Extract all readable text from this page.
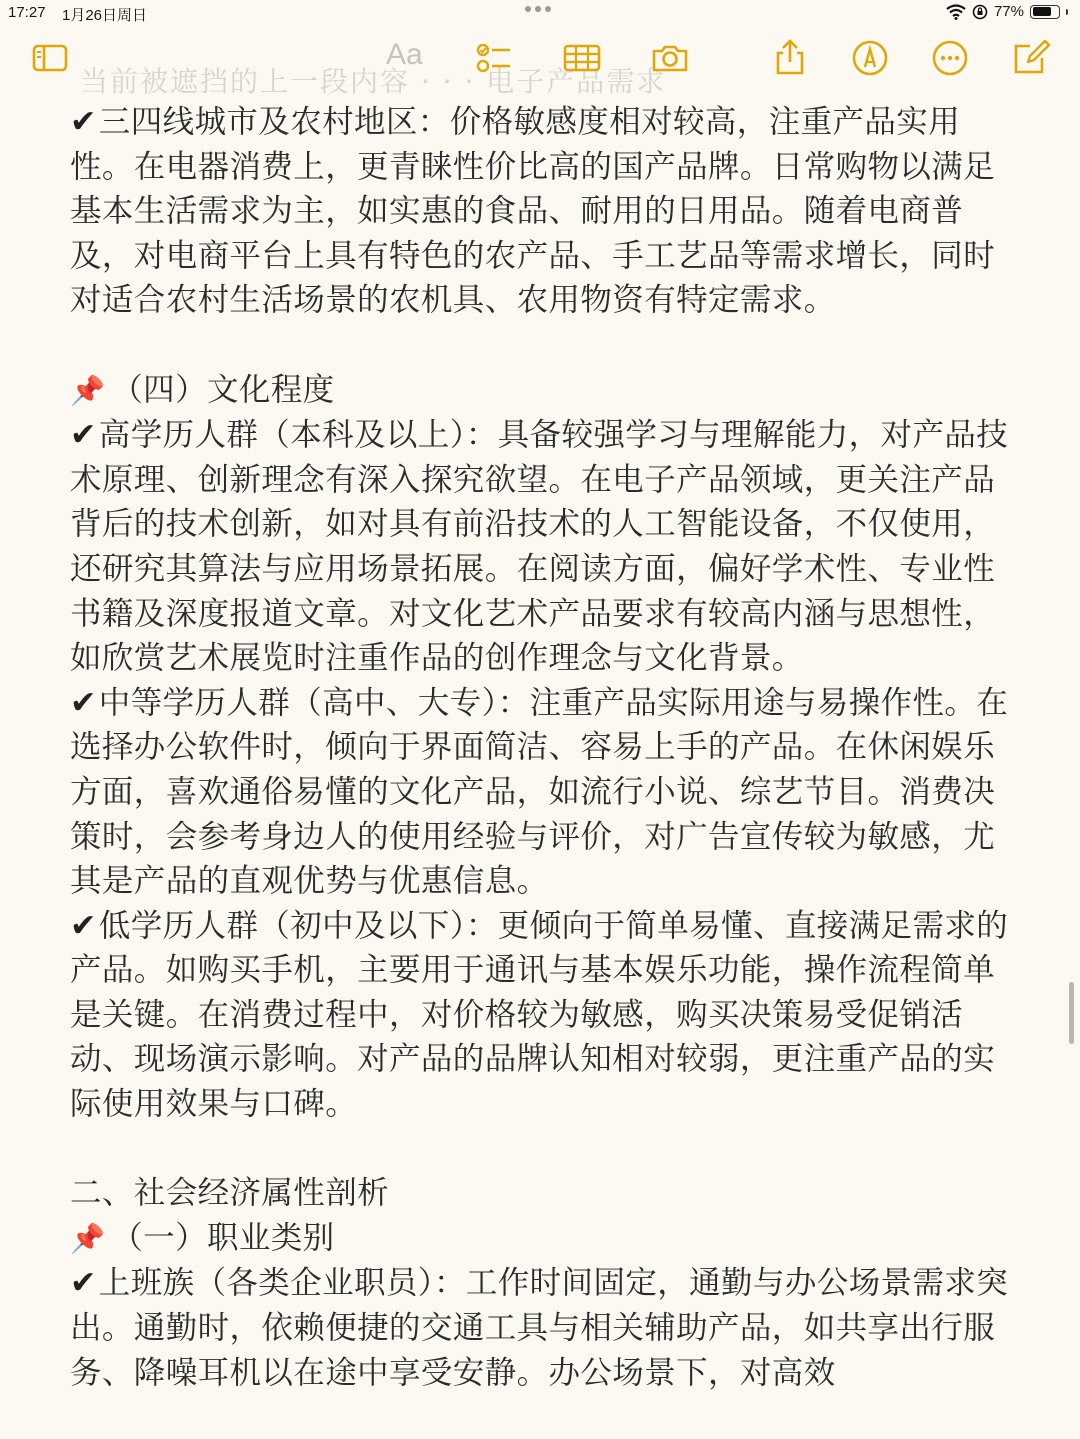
17:27 1月26日周日	77%
当前被遮挡的上一段内容 · · · 电子产品需求
Aa

✔三四线城市及农村地区：价格敏感度相对较高，注重产品实用性。在电器消费上，更青睐性价比高的国产品牌。日常购物以满足基本生活需求为主，如实惠的食品、耐用的日用品。随着电商普及，对电商平台上具有特色的农产品、手工艺品等需求增长，同时对适合农村生活场景的农机具、农用物资有特定需求。

📌 （四）文化程度

✔高学历人群（本科及以上）：具备较强学习与理解能力，对产品技术原理、创新理念有深入探究欲望。在电子产品领域，更关注产品背后的技术创新，如对具有前沿技术的人工智能设备，不仅使用，还研究其算法与应用场景拓展。在阅读方面，偏好学术性、专业性书籍及深度报道文章。对文化艺术产品要求有较高内涵与思想性，如欣赏艺术展览时注重作品的创作理念与文化背景。

✔中等学历人群（高中、大专）：注重产品实际用途与易操作性。在选择办公软件时，倾向于界面简洁、容易上手的产品。在休闲娱乐方面，喜欢通俗易懂的文化产品，如流行小说、综艺节目。消费决策时，会参考身边人的使用经验与评价，对广告宣传较为敏感，尤其是产品的直观优势与优惠信息。

✔低学历人群（初中及以下）：更倾向于简单易懂、直接满足需求的产品。如购买手机，主要用于通讯与基本娱乐功能，操作流程简单是关键。在消费过程中，对价格较为敏感，购买决策易受促销活动、现场演示影响。对产品的品牌认知相对较弱，更注重产品的实际使用效果与口碑。

二、社会经济属性剖析

📌 （一）职业类别

✔上班族（各类企业职员）：工作时间固定，通勤与办公场景需求突出。通勤时，依赖便捷的交通工具与相关辅助产品，如共享出行服务、降噪耳机以在途中享受安静。办公场景下，对高效
